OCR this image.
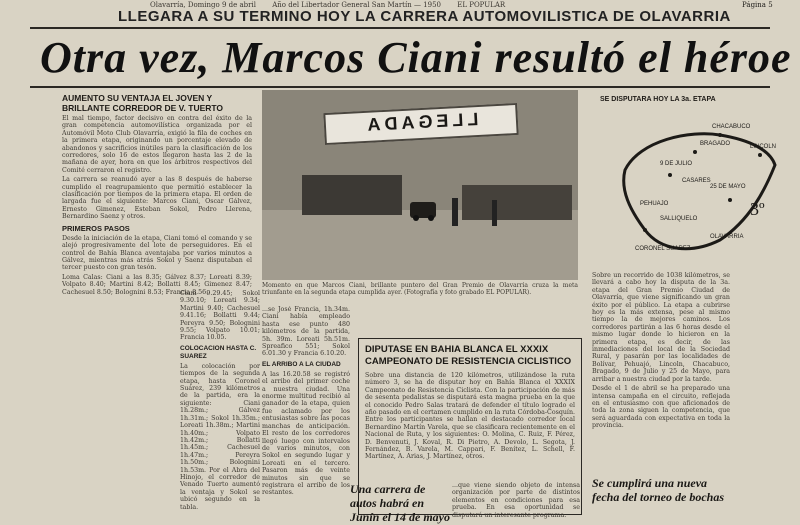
Olavarría, Domingo 9 de abril Año del Libertador General San Martín — 1950 EL POPULAR	Página 5
LLEGARA A SU TERMINO HOY LA CARRERA AUTOMOVILISTICA DE OLAVARRIA
Otra vez, Marcos Ciani resultó el héroe
AUMENTO SU VENTAJA EL JOVEN Y BRILLANTE CORREDOR DE V. TUERTO

El mal tiempo, factor decisivo en contra del éxito de la gran competencia automovilística organizada por el Automóvil Moto Club Olavarría, exigió la fila de coches en la primera etapa, originando un porcentaje elevado de abandonos y sacrificios inútiles para la clasificación de los corredores, solo 16 de estos llegaron hasta las 2 de la mañana de ayer, hora en que los árbitros respectivos del Comité cerraron el registro.

La carrera se reanudó ayer a las 8 después de haberse cumplido el reagrupamiento que permitió establecer la clasificación por tiempos de la primera etapa. El orden de largada fue el siguiente: Marcos Ciani, Oscar Gálvez, Ernesto Gimenez, Esteban Sokol, Pedro Llerena, Bernardino Saenz y otros.

PRIMEROS PASOS

Desde la iniciación de la etapa, Ciani tomó el comando y se alejó progresivamente del lote de perseguidores. En el control de Bahía Blanca aventajaba por varios minutos a Gálvez, mientras más atrás Sokol y Saenz disputaban el tercer puesto con gran tesón.

Loma Calas: Ciani a las 8.35; Gálvez 8.37; Loreati 8.39; Volpato 8.40; Martini 8.42; Bollatti 8.45; Gimenez 8.47; Cachesuel 8.50; Bolognini 8.53; Francia 8.56.

Ciani 9.29.45; Sokol 9.30.10; Loreati 9.34; Martini 9.40; Cachesuel 9.41.16; Bollatti 9.44; Pereyra 9.50; Bolognini 9.55; Volpato 10.01; Francia 10.05.

COLOCACION HASTA C. SUAREZ

La colocación por tiempos de la segunda etapa, hasta Coronel Suárez, 239 kilómetros de la partida, era la siguiente: Ciani 1h.28m.; Gálvez 1h.31m.; Sokol 1h.35m.; Loreati 1h.38m.; Martini 1h.40m.; Volpato 1h.42m.; Bollatti 1h.45m.; Cachesuel 1h.47m.; Pereyra 1h.50m.; Bolognini 1h.53m. Por el Abra del Hinojo, el corredor de Venado Tuerto aumentó la ventaja y Sokol se ubicó segundo en la tabla.

LLEGADA

Momento en que Marcos Ciani, brillante puntero del Gran Premio de Olavarría cruza la meta triunfante en la segunda etapa cumplida ayer. (Fotografía y foto grabado EL POPULAR).

...se José Francia, 1h.34m. Ciani había empleado hasta ese punto 480 kilómetros de la partida, 5h. 39m. Loreati 5h.51m. Spreafico 551; Sokol 6.01.30 y Francia 6.10.20.

EL ARRIBO A LA CIUDAD

A las 16.20.58 se registró el arribo del primer coche a nuestra ciudad. Una enorme multitud recibió al ganador de la etapa, quien fue aclamado por los entusiastas sobre las pocas manchas de anticipación. El resto de los corredores llegó luego con intervalos de varios minutos, con Sokol en segundo lugar y Loreati en el tercero. Pasaron más de veinte minutos sin que se registrara el arribo de los restantes.

DIPUTASE EN BAHIA BLANCA EL XXXIX CAMPEONATO DE RESISTENCIA CICLISTICO

Sobre una distancia de 120 kilómetros, utilizándose la ruta número 3, se ha de disputar hoy en Bahía Blanca el XXXIX Campeonato de Resistencia Ciclista. Con la participación de más de sesenta pedalistas se disputará esta magna prueba en la que el conocido Pedro Salas tratará de defender el título logrado el año pasado en el certamen cumplido en la ruta Córdoba-Cosquín. Entre los participantes se hallan el destacado corredor local Bernardino Martín Varela, que se clasificara recientemente en el Nacional de Ruta, y los siguientes: O. Molina, C. Ruiz, F. Pérez, D. Benvenuti, J. Koval, R. Di Pietro, A. Devolo, L. Segota, J. Fernández, B. Varela, M. Cappari, F. Benítez, L. Schell, F. Martínez, A. Arias, J. Martínez, otros.

SE DISPUTARA HOY LA 3a. ETAPA
CHACABUCO
BRAGADO
25 DE MAYO
9 DE JULIO
LINCOLN
CASARES
PEHUAJO
SALLIQUELO
OLAVARRIA
CORONEL SUAREZ
3º

Sobre un recorrido de 1038 kilómetros, se llevará a cabo hoy la disputa de la 3a. etapa del Gran Premio Ciudad de Olavarría, que viene significando un gran éxito por el público. La etapa a cubrirse hoy es la más extensa, pese al mismo tiempo la de mejores caminos. Los corredores partirán a las 6 horas desde el mismo lugar donde lo hicieron en la primera etapa, es decir, de las inmediaciones del local de la Sociedad Rural, y pasarán por las localidades de Bolívar, Pehuajó, Lincoln, Chacabuco, Bragado, 9 de Julio y 25 de Mayo, para arribar a nuestra ciudad por la tarde.

Desde el 1 de abril se ha preparado una intensa campaña en el circuito, reflejada en el entusiasmo con que aficionados de toda la zona siguen la competencia, que será aguardada con expectativa en toda la provincia.

Una carrera de autos habrá en Junín el 14 de mayo

...que viene siendo objeto de intensa organización por parte de distintos elementos en condiciones para esa prueba. En esa oportunidad se disputará un interesante programa.

Se cumplirá una nueva fecha del torneo de bochas
